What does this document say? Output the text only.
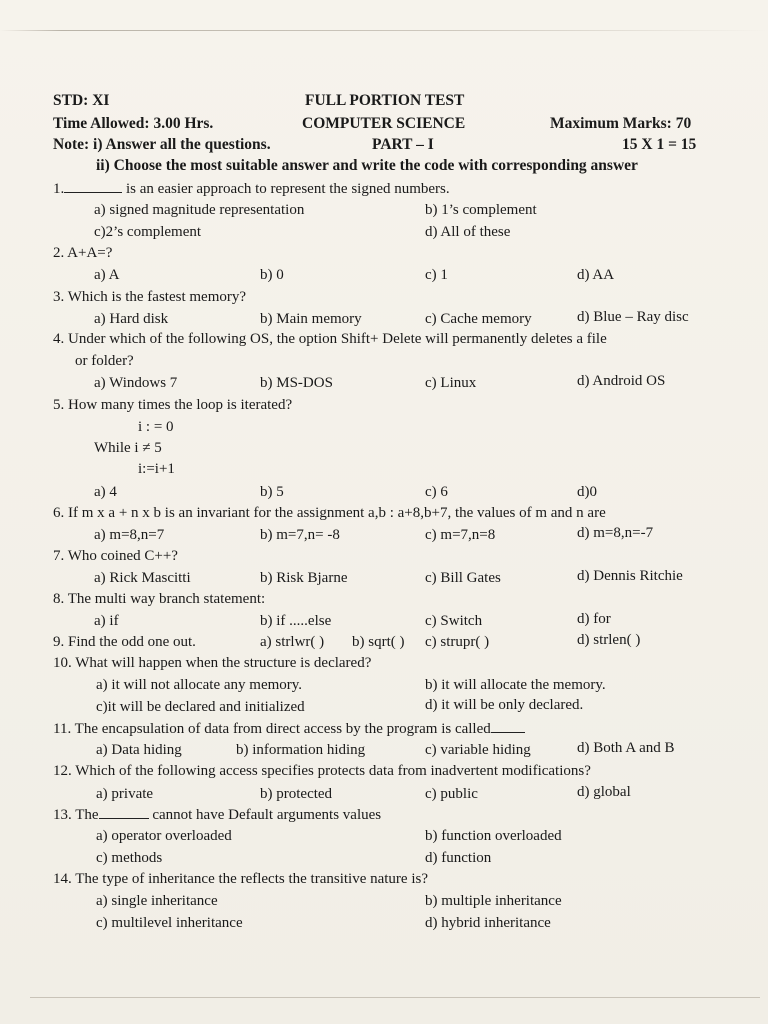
STD: XI	FULL PORTION TEST
Time Allowed: 3.00 Hrs.	COMPUTER SCIENCE	Maximum Marks: 70
Note: i) Answer all the questions.	PART – I	15 X 1 = 15
ii) Choose the most suitable answer and write the code with corresponding answer
1.	is an easier approach to represent the signed numbers.
a) signed magnitude representation	b) 1’s complement
c)2’s complement	d) All of these
2. A+A=?
a) A	b) 0	c) 1	d) AA
3. Which is the fastest memory?
a) Hard disk	b) Main memory	c) Cache memory	d) Blue – Ray disc
4. Under which of the following OS, the option Shift+ Delete will permanently deletes a file
or folder?
a) Windows 7	b) MS-DOS	c) Linux	d) Android OS
5. How many times the loop is iterated?
i : = 0
While i ≠ 5
i:=i+1
a) 4	b) 5	c) 6	d)0
6. If m x a + n x b is an invariant for the assignment a,b : a+8,b+7, the values of m and n are
a) m=8,n=7	b) m=7,n= -8	c) m=7,n=8	d) m=8,n=-7
7. Who coined C++?
a) Rick Mascitti	b) Risk Bjarne	c) Bill Gates	d) Dennis Ritchie
8. The multi way branch statement:
a) if	b) if .....else	c) Switch	d) for
9. Find the odd one out.	a) strlwr( ) b) sqrt( ) c) strupr( )	d) strlen( )
10. What will happen when the structure is declared?
a) it will not allocate any memory.	b) it will allocate the memory.
c)it will be declared and initialized	d) it will be only declared.
11. The encapsulation of data from direct access by the program is called
a) Data hiding	b) information hiding	c) variable hiding	d) Both A and B
12. Which of the following access specifies protects data from inadvertent modifications?
a) private	b) protected	c) public	d) global
13. The	cannot have Default arguments values
a) operator overloaded	b) function overloaded
c) methods	d) function
14. The type of inheritance the reflects the transitive nature is?
a) single inheritance	b) multiple inheritance
c) multilevel inheritance	d) hybrid inheritance
